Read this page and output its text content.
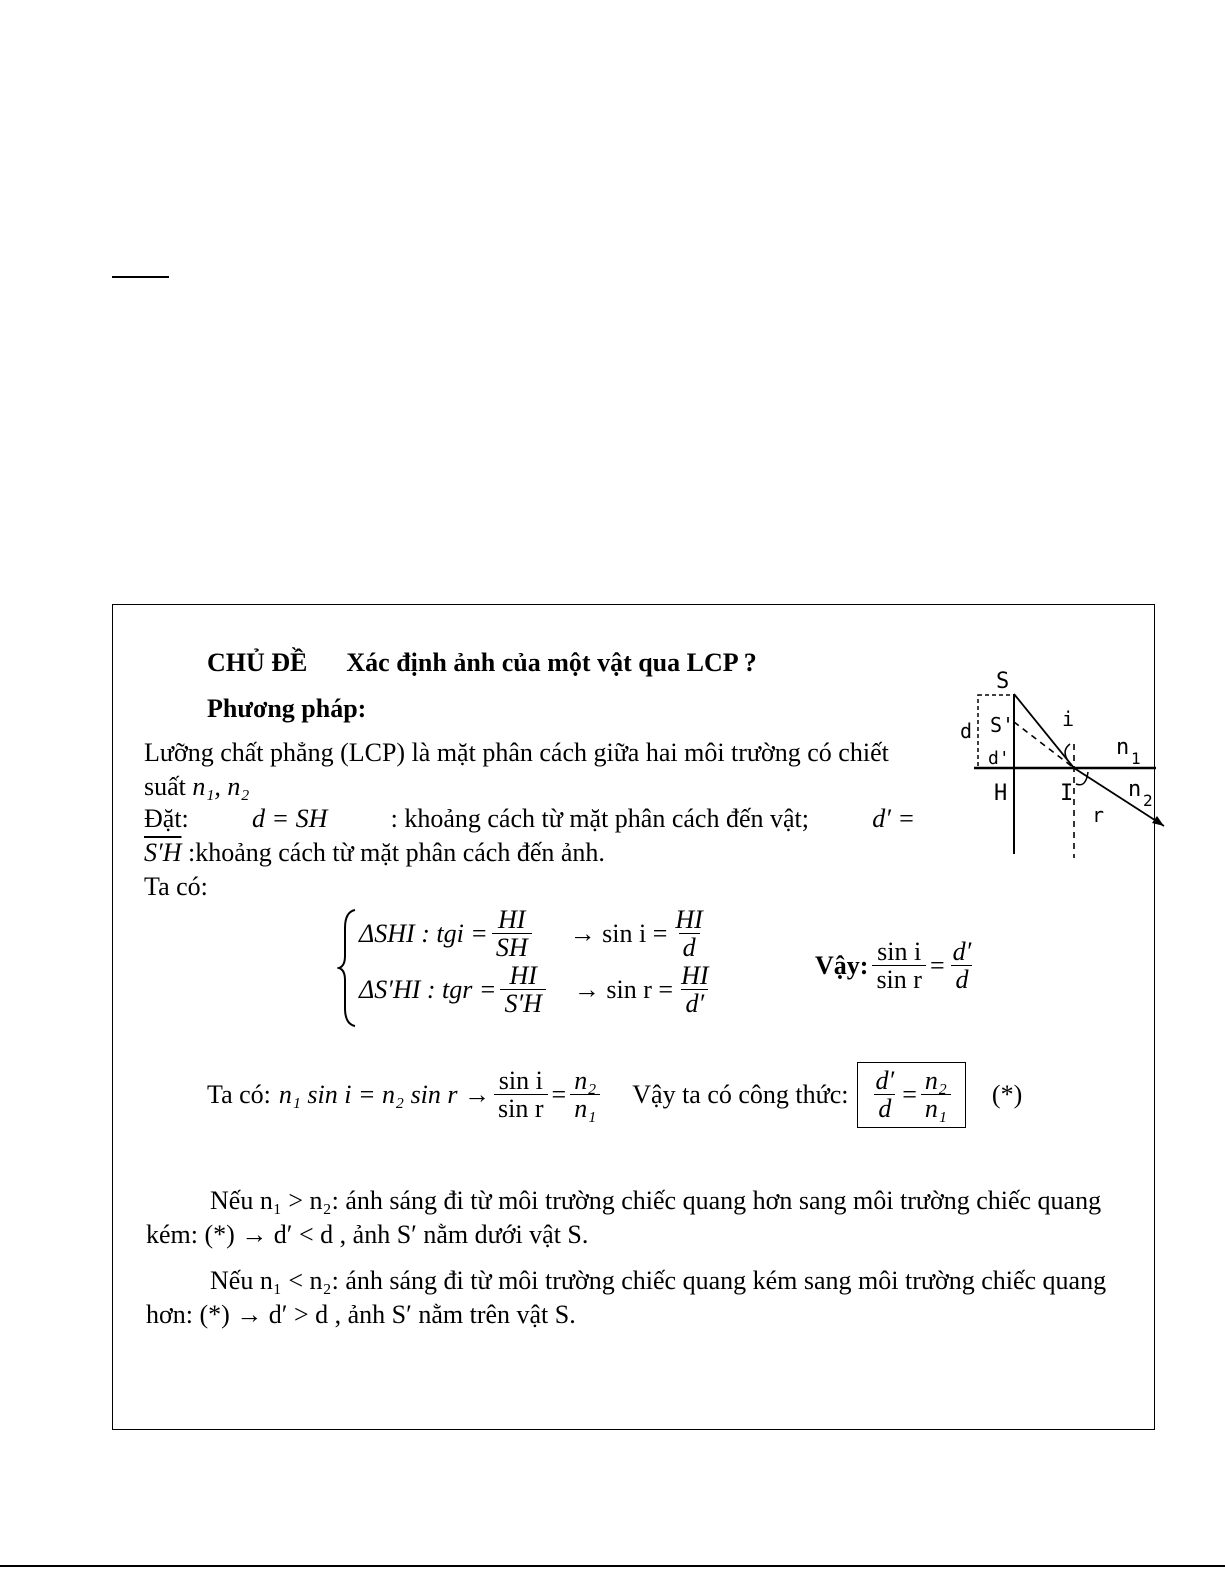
CHỦ ĐỀ Xác định ảnh của một vật qua LCP ?
Phương pháp:
Lưỡng chất phẳng (LCP) là mặt phân cách giữa hai môi trường có chiết
suất n₁, n₂
Đặt: d = SH : khoảng cách từ mặt phân cách đến vật; d′ =
S′H :khoảng cách từ mặt phân cách đến ảnh.
Ta có:
ΔSHI : tgi = $\frac{HI}{SH} \to \sin i = \frac{HI}{d}$
ΔS′HI : tgr = $\frac{HI}{S'H} \to \sin r = \frac{HI}{d'}$	Vậy: $\frac{\text{sin i}}{\text{sin r}} = \frac{d'}{d}$
Ta có: n₁ sin i = n₂ $\sin r \to \frac{\text{sin i}}{\text{sin r}} = \frac{\text{n₂}}{\text{n₁}}$ Vậy ta có công thức: $\frac{d'}{d} = \frac{\text{n₂}}{\text{n₁}}$ (*)
Nếu n₁ > n₂: ánh sáng đi từ môi trường chiếc quang hơn sang môi trường chiếc quang
kém: (*) → d′ < d , ảnh S′ nằm dưới vật S.
Nếu n₁ < n₂: ánh sáng đi từ môi trường chiếc quang kém sang môi trường chiếc quang
hơn: (*) → d′ > d , ảnh S′ nằm trên vật S.
S
S'
d
d'
i
n 1
H I n 2
r
